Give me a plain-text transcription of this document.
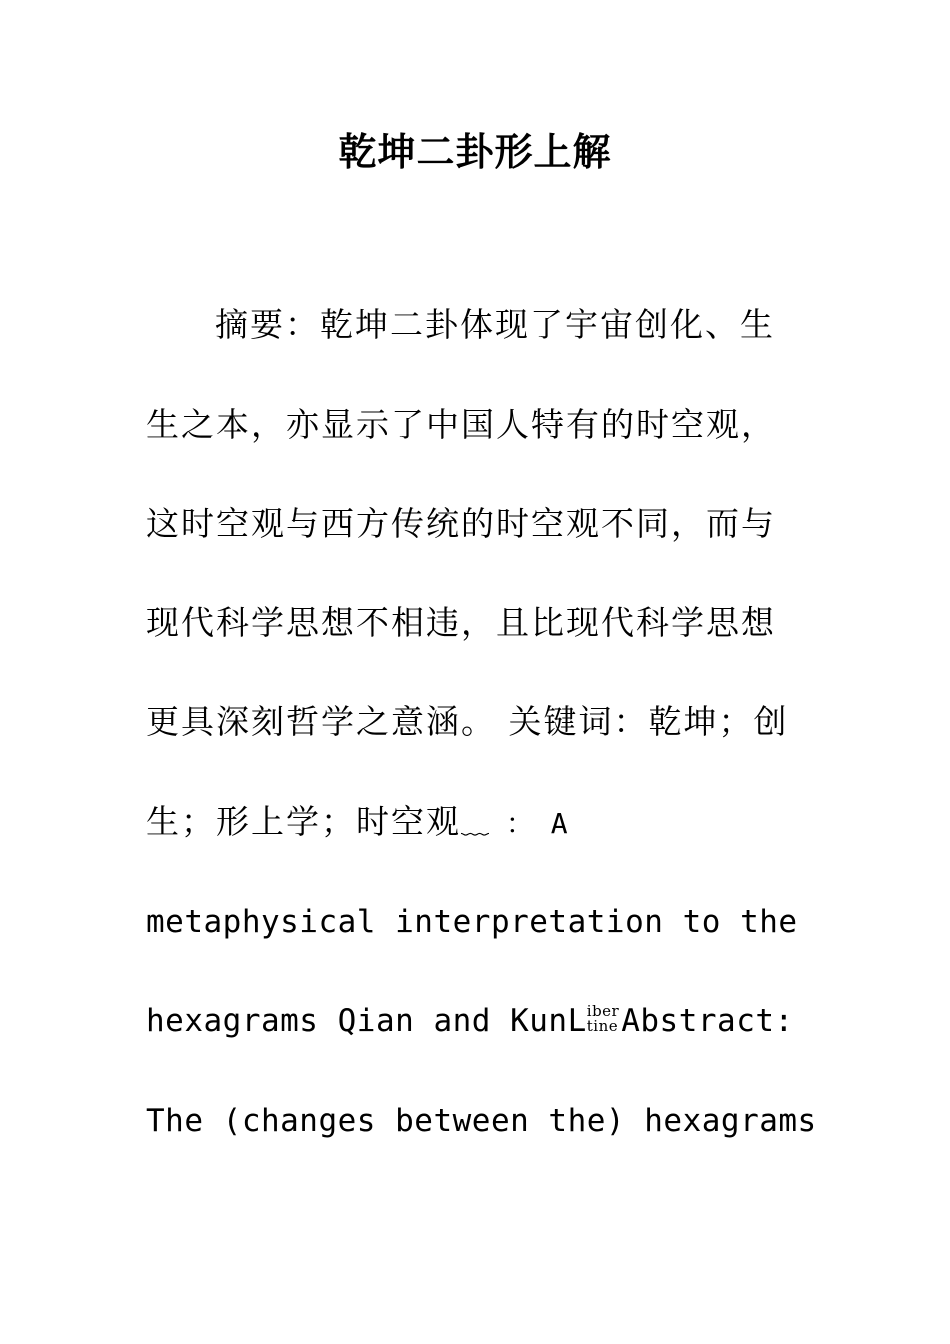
乾坤二卦形上解
摘要：乾坤二卦体现了宇宙创化、生
生之本，亦显示了中国人特有的时空观，
这时空观与西方传统的时空观不同，而与
现代科学思想不相违，且比现代科学思想
更具深刻哲学之意涵。 关键词：乾坤；创
生；形上学；时空观﹏ ： A
metaphysical interpretation to the
hexagrams Qian and KunL iber
tine Abstract:
The (changes between the) hexagrams
